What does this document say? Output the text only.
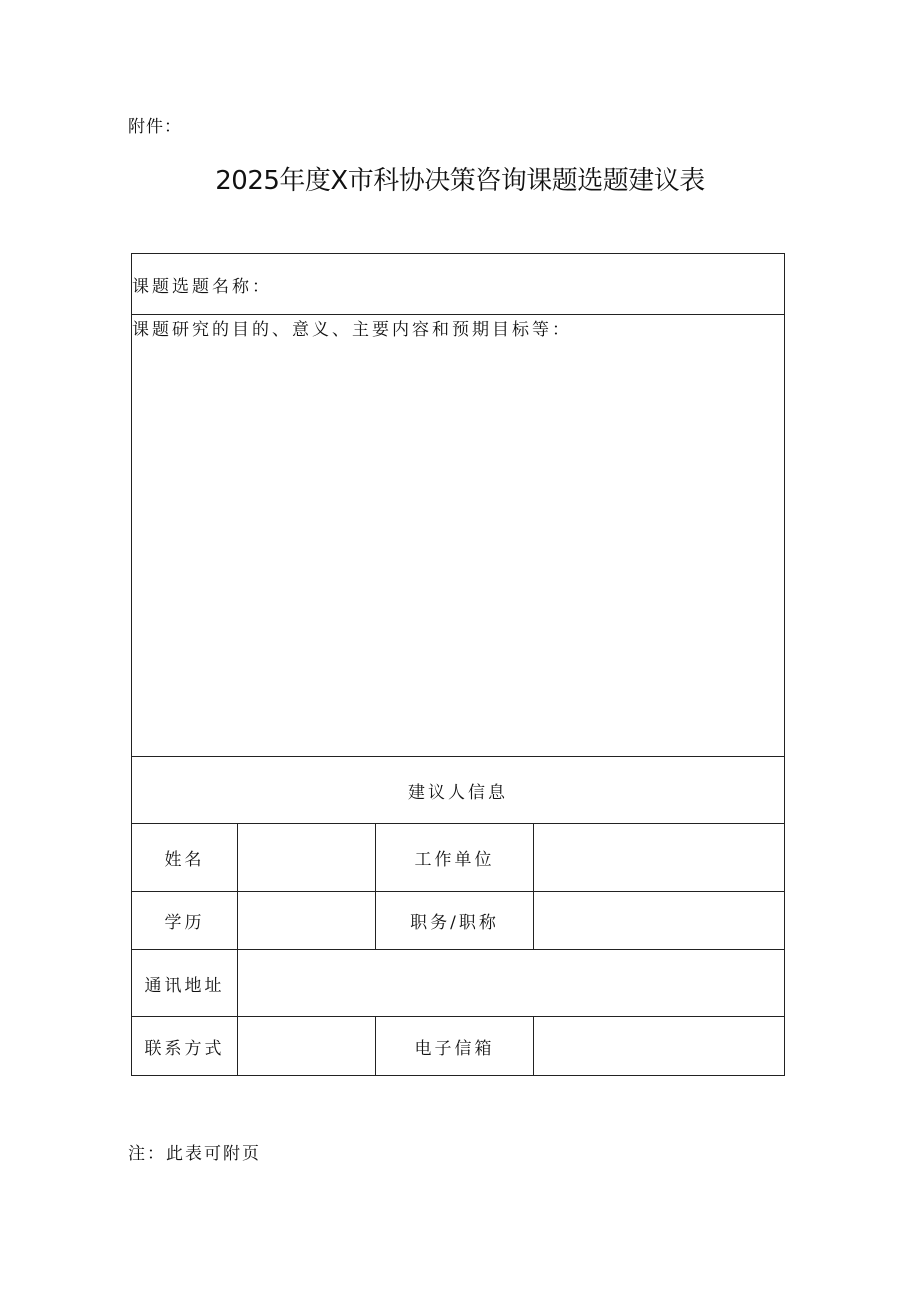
附件：
2025年度X市科协决策咨询课题选题建议表
课题选题名称：			
课题研究的目的、意义、主要内容和预期目标等：			
建议人信息			
姓名		工作单位	
学历		职务/职称	
通讯地址			
联系方式		电子信箱	
注：此表可附页
